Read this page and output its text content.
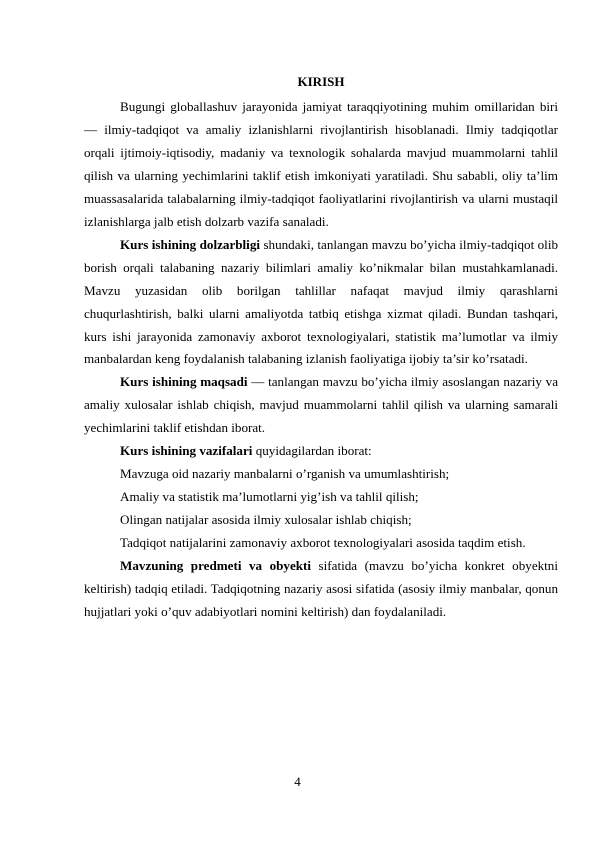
KIRISH

Bugungi globallashuv jarayonida jamiyat taraqqiyotining muhim omillaridan biri — ilmiy-tadqiqot va amaliy izlanishlarni rivojlantirish hisoblanadi. Ilmiy tadqiqotlar orqali ijtimoiy-iqtisodiy, madaniy va texnologik sohalarda mavjud muammolarni tahlil qilish va ularning yechimlarini taklif etish imkoniyati yaratiladi. Shu sababli, oliy ta’lim muassasalarida talabalarning ilmiy-tadqiqot faoliyatlarini rivojlantirish va ularni mustaqil izlanishlarga jalb etish dolzarb vazifa sanaladi.

Kurs ishining dolzarbligi shundaki, tanlangan mavzu bo’yicha ilmiy-tadqiqot olib borish orqali talabaning nazariy bilimlari amaliy ko’nikmalar bilan mustahkamlanadi. Mavzu yuzasidan olib borilgan tahlillar nafaqat mavjud ilmiy qarashlarni chuqurlashtirish, balki ularni amaliyotda tatbiq etishga xizmat qiladi. Bundan tashqari, kurs ishi jarayonida zamonaviy axborot texnologiyalari, statistik ma’lumotlar va ilmiy manbalardan keng foydalanish talabaning izlanish faoliyatiga ijobiy ta’sir ko’rsatadi.

Kurs ishining maqsadi — tanlangan mavzu bo’yicha ilmiy asoslangan nazariy va amaliy xulosalar ishlab chiqish, mavjud muammolarni tahlil qilish va ularning samarali yechimlarini taklif etishdan iborat.

Kurs ishining vazifalari quyidagilardan iborat:

Mavzuga oid nazariy manbalarni o’rganish va umumlashtirish;

Amaliy va statistik ma’lumotlarni yig’ish va tahlil qilish;

Olingan natijalar asosida ilmiy xulosalar ishlab chiqish;

Tadqiqot natijalarini zamonaviy axborot texnologiyalari asosida taqdim etish.

Mavzuning predmeti va obyekti sifatida (mavzu bo’yicha konkret obyektni keltirish) tadqiq etiladi. Tadqiqotning nazariy asosi sifatida (asosiy ilmiy manbalar, qonun hujjatlari yoki o’quv adabiyotlari nomini keltirish) dan foydalaniladi.

4
